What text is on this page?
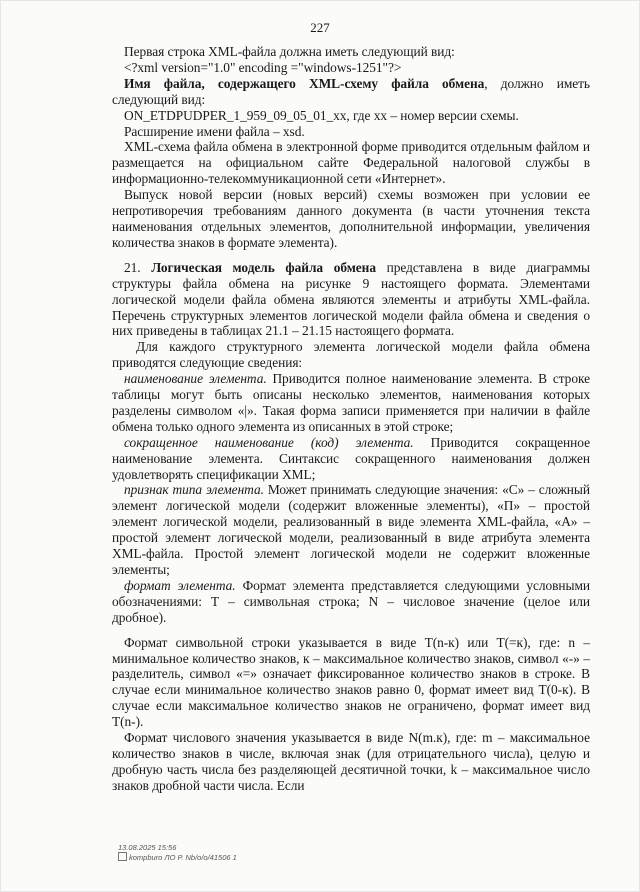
227

Первая строка XML-файла должна иметь следующий вид:

<?xml version="1.0" encoding ="windows-1251"?>

Имя файла, содержащего XML-схему файла обмена, должно иметь следующий вид:

ON_ETDPUDPER_1_959_09_05_01_xx, где xx – номер версии схемы.

Расширение имени файла – xsd.

XML-схема файла обмена в электронной форме приводится отдельным файлом и размещается на официальном сайте Федеральной налоговой службы в информационно-телекоммуникационной сети «Интернет».

Выпуск новой версии (новых версий) схемы возможен при условии ее непротиворечия требованиям данного документа (в части уточнения текста наименования отдельных элементов, дополнительной информации, увеличения количества знаков в формате элемента).

21. Логическая модель файла обмена представлена в виде диаграммы структуры файла обмена на рисунке 9 настоящего формата. Элементами логической модели файла обмена являются элементы и атрибуты XML-файла. Перечень структурных элементов логической модели файла обмена и сведения о них приведены в таблицах 21.1 – 21.15 настоящего формата.

Для каждого структурного элемента логической модели файла обмена приводятся следующие сведения:

наименование элемента. Приводится полное наименование элемента. В строке таблицы могут быть описаны несколько элементов, наименования которых разделены символом «|». Такая форма записи применяется при наличии в файле обмена только одного элемента из описанных в этой строке;

сокращенное наименование (код) элемента. Приводится сокращенное наименование элемента. Синтаксис сокращенного наименования должен удовлетворять спецификации XML;

признак типа элемента. Может принимать следующие значения: «С» – сложный элемент логической модели (содержит вложенные элементы), «П» – простой элемент логической модели, реализованный в виде элемента XML-файла, «А» – простой элемент логической модели, реализованный в виде атрибута элемента XML-файла. Простой элемент логической модели не содержит вложенные элементы;

формат элемента. Формат элемента представляется следующими условными обозначениями: Т – символьная строка; N – числовое значение (целое или дробное).

Формат символьной строки указывается в виде Т(n-к) или Т(=к), где: n – минимальное количество знаков, к – максимальное количество знаков, символ «-» – разделитель, символ «=» означает фиксированное количество знаков в строке. В случае если минимальное количество знаков равно 0, формат имеет вид Т(0-к). В случае если максимальное количество знаков не ограничено, формат имеет вид Т(n-).

Формат числового значения указывается в виде N(m.к), где: m – максимальное количество знаков в числе, включая знак (для отрицательного числа), целую и дробную часть числа без разделяющей десятичной точки, k – максимальное число знаков дробной части числа. Если

13.08.2025 15:56
kompburo ЛО Р. Nb/o/o/41506 1
